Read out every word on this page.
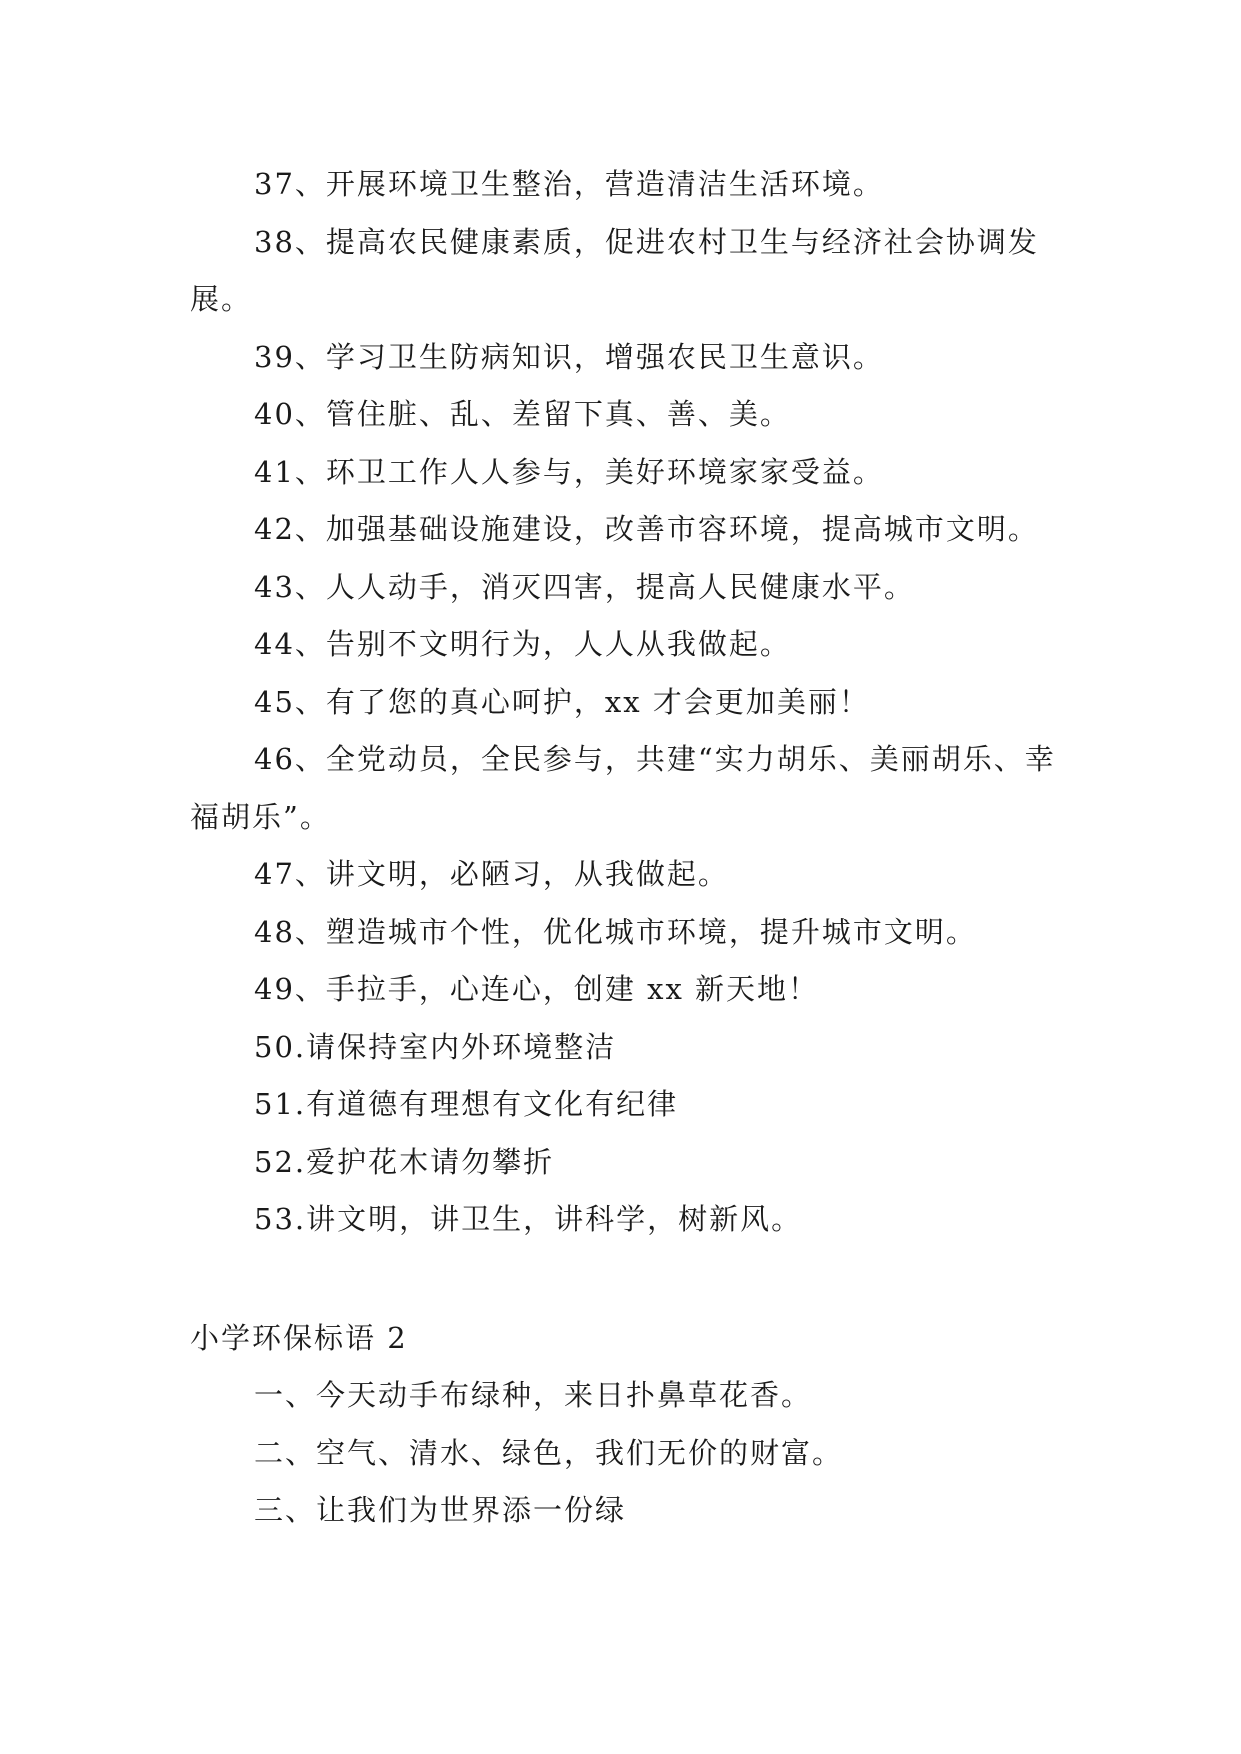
37、开展环境卫生整治，营造清洁生活环境。

38、提高农民健康素质，促进农村卫生与经济社会协调发展。

39、学习卫生防病知识，增强农民卫生意识。

40、管住脏、乱、差留下真、善、美。

41、环卫工作人人参与，美好环境家家受益。

42、加强基础设施建设，改善市容环境，提高城市文明。

43、人人动手，消灭四害，提高人民健康水平。

44、告别不文明行为，人人从我做起。

45、有了您的真心呵护，xx 才会更加美丽！

46、全党动员，全民参与，共建“实力胡乐、美丽胡乐、幸福胡乐”。

47、讲文明，必陋习，从我做起。

48、塑造城市个性，优化城市环境，提升城市文明。

49、手拉手，心连心，创建 xx 新天地！

50.请保持室内外环境整洁

51.有道德有理想有文化有纪律

52.爱护花木请勿攀折

53.讲文明，讲卫生，讲科学，树新风。

小学环保标语 2

一、今天动手布绿种，来日扑鼻草花香。

二、空气、清水、绿色，我们无价的财富。

三、让我们为世界添一份绿
